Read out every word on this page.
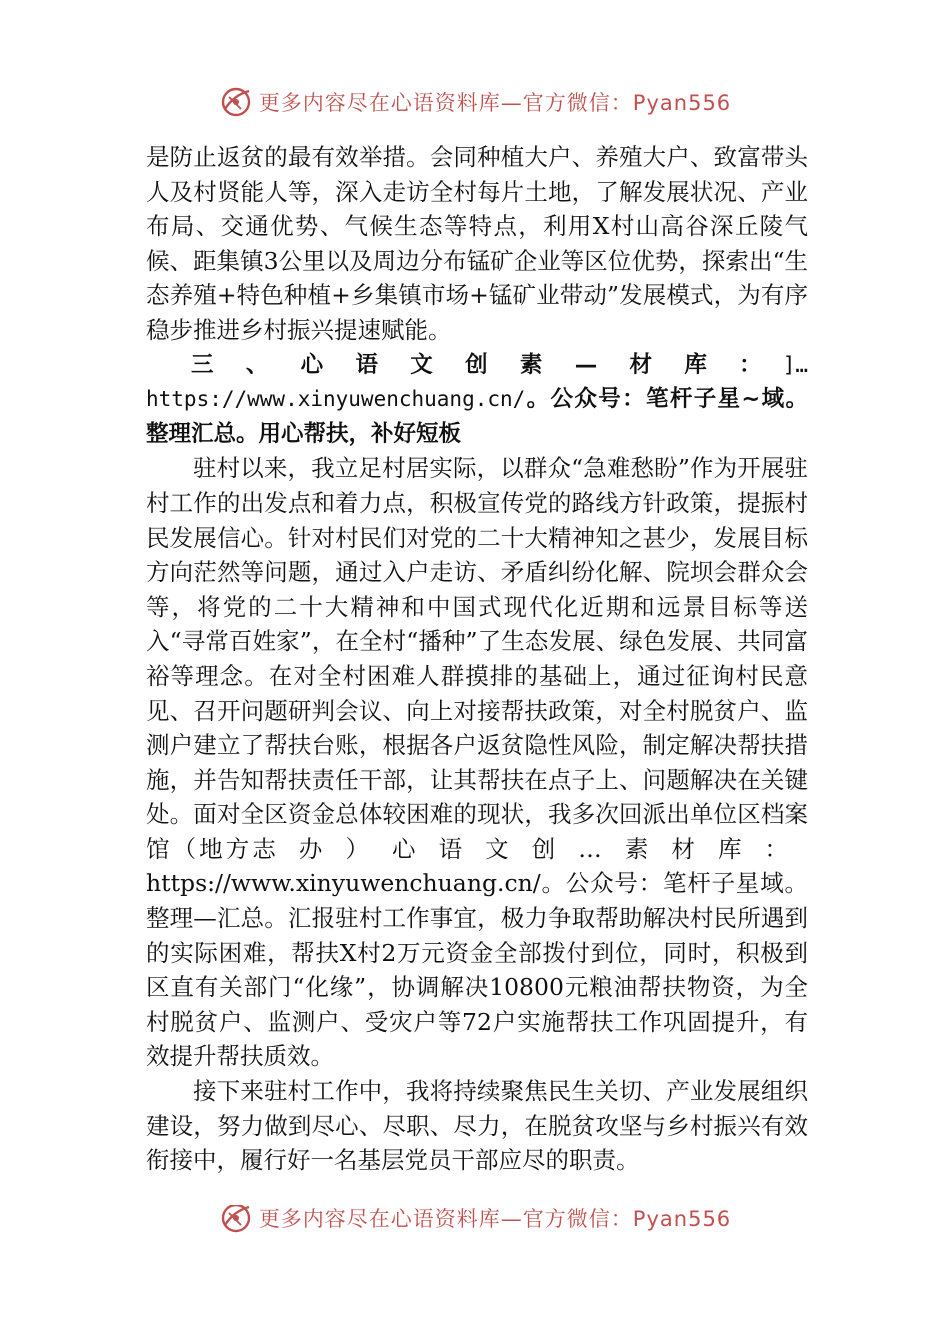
更多内容尽在心语资料库—官方微信：Pyan556

是防止返贫的最有效举措。会同种植大户、养殖大户、致富带头人及村贤能人等，深入走访全村每片土地，了解发展状况、产业布局、交通优势、气候生态等特点，利用X村山高谷深丘陵气候、距集镇3公里以及周边分布锰矿企业等区位优势，探索出“生态养殖+特色种植+乡集镇市场+锰矿业带动”发展模式，为有序稳步推进乡村振兴提速赋能。

三、心语文创素—材库：]…https://www.xinyuwenchuang.cn/。公众号：笔杆子星~域。整理汇总。用心帮扶，补好短板

驻村以来，我立足村居实际，以群众“急难愁盼”作为开展驻村工作的出发点和着力点，积极宣传党的路线方针政策，提振村民发展信心。针对村民们对党的二十大精神知之甚少，发展目标方向茫然等问题，通过入户走访、矛盾纠纷化解、院坝会群众会等，将党的二十大精神和中国式现代化近期和远景目标等送入“寻常百姓家”，在全村“播种”了生态发展、绿色发展、共同富裕等理念。在对全村困难人群摸排的基础上，通过征询村民意见、召开问题研判会议、向上对接帮扶政策，对全村脱贫户、监测户建立了帮扶台账，根据各户返贫隐性风险，制定解决帮扶措施，并告知帮扶责任干部，让其帮扶在点子上、问题解决在关键处。面对全区资金总体较困难的现状，我多次回派出单位区档案馆（地方志办）心语文创…素材库：https://www.xinyuwenchuang.cn/。公众号：笔杆子星域。整理—汇总。汇报驻村工作事宜，极力争取帮助解决村民所遇到的实际困难，帮扶X村2万元资金全部拨付到位，同时，积极到区直有关部门“化缘”，协调解决10800元粮油帮扶物资，为全村脱贫户、监测户、受灾户等72户实施帮扶工作巩固提升，有效提升帮扶质效。

接下来驻村工作中，我将持续聚焦民生关切、产业发展组织建设，努力做到尽心、尽职、尽力，在脱贫攻坚与乡村振兴有效衔接中，履行好一名基层党员干部应尽的职责。

更多内容尽在心语资料库—官方微信：Pyan556
